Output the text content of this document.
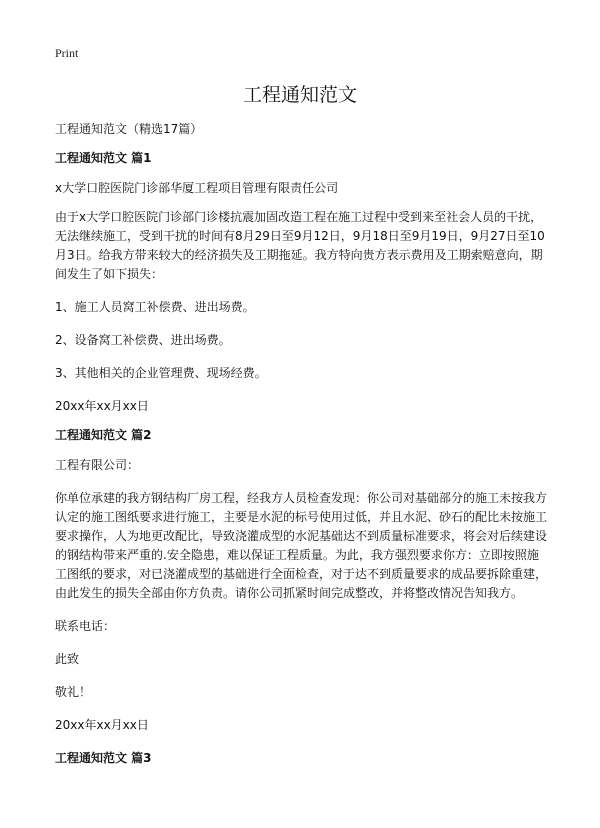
Print
工程通知范文

工程通知范文（精选17篇）

工程通知范文 篇1

x大学口腔医院门诊部华厦工程项目管理有限责任公司

由于x大学口腔医院门诊部门诊楼抗震加固改造工程在施工过程中受到来至社会人员的干扰，无法继续施工，受到干扰的时间有8月29日至9月12日，9月18日至9月19日，9月27日至10月3日。给我方带来较大的经济损失及工期拖延。我方特向贵方表示费用及工期索赔意向，期间发生了如下损失：

1、施工人员窝工补偿费、进出场费。

2、设备窝工补偿费、进出场费。

3、其他相关的企业管理费、现场经费。

20xx年xx月xx日

工程通知范文 篇2

工程有限公司：

你单位承建的我方钢结构厂房工程，经我方人员检查发现：你公司对基础部分的施工未按我方认定的施工图纸要求进行施工，主要是水泥的标号使用过低，并且水泥、砂石的配比未按施工要求操作，人为地更改配比，导致浇灌成型的水泥基础达不到质量标准要求，将会对后续建设的钢结构带来严重的.安全隐患，难以保证工程质量。为此，我方强烈要求你方：立即按照施工图纸的要求，对已浇灌成型的基础进行全面检查，对于达不到质量要求的成品要拆除重建，由此发生的损失全部由你方负责。请你公司抓紧时间完成整改，并将整改情况告知我方。

联系电话：

此致

敬礼！

20xx年xx月xx日

工程通知范文 篇3
